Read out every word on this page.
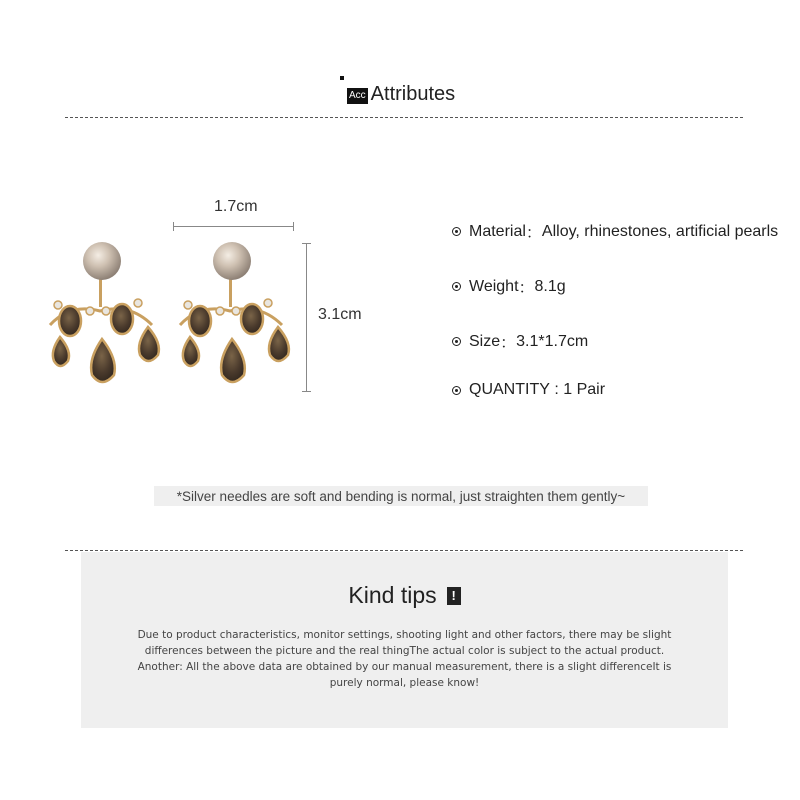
Acc Attributes
1.7cm
3.1cm
Material ： Alloy, rhinestones, artificial pearls
Weight ： 8.1g
Size ： 3.1*1.7cm
QUANTITY : 1 Pair
*Silver needles are soft and bending is normal, just straighten them gently~
Kind tips	!
Due to product characteristics, monitor settings, shooting light and other factors, there may be slight
differences between the picture and the real thingThe actual color is subject to the actual product.
Another: All the above data are obtained by our manual measurement, there is a slight differenceIt is
purely normal, please know!
